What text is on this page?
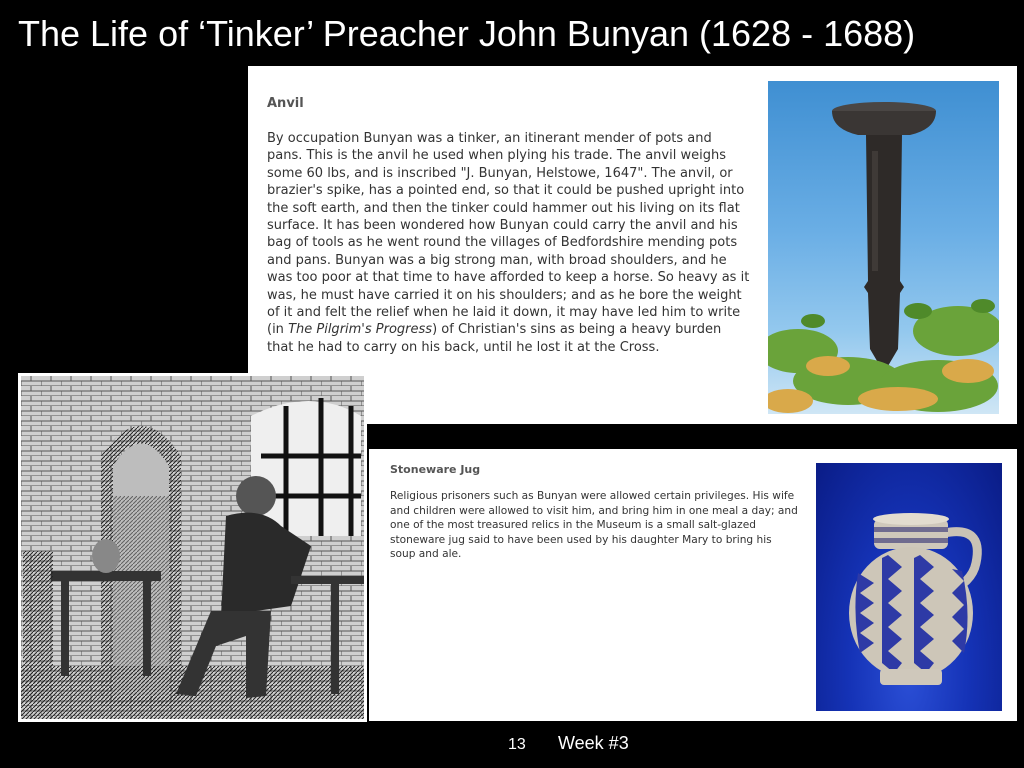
The Life of ‘Tinker’ Preacher John Bunyan (1628 - 1688)
Anvil

By occupation Bunyan was a tinker, an itinerant mender of pots and pans. This is the anvil he used when plying his trade. The anvil weighs some 60 lbs, and is inscribed "J. Bunyan, Helstowe, 1647". The anvil, or brazier's spike, has a pointed end, so that it could be pushed upright into the soft earth, and then the tinker could hammer out his living on its flat surface. It has been wondered how Bunyan could carry the anvil and his bag of tools as he went round the villages of Bedfordshire mending pots and pans. Bunyan was a big strong man, with broad shoulders, and he was too poor at that time to have afforded to keep a horse. So heavy as it was, he must have carried it on his shoulders; and as he bore the weight of it and felt the relief when he laid it down, it may have led him to write (in The Pilgrim's Progress) of Christian's sins as being a heavy burden that he had to carry on his back, until he lost it at the Cross.

Stoneware Jug

Religious prisoners such as Bunyan were allowed certain privileges. His wife and children were allowed to visit him, and bring him in one meal a day; and one of the most treasured relics in the Museum is a small salt-glazed stoneware jug said to have been used by his daughter Mary to bring his soup and ale.

13 Week #3
